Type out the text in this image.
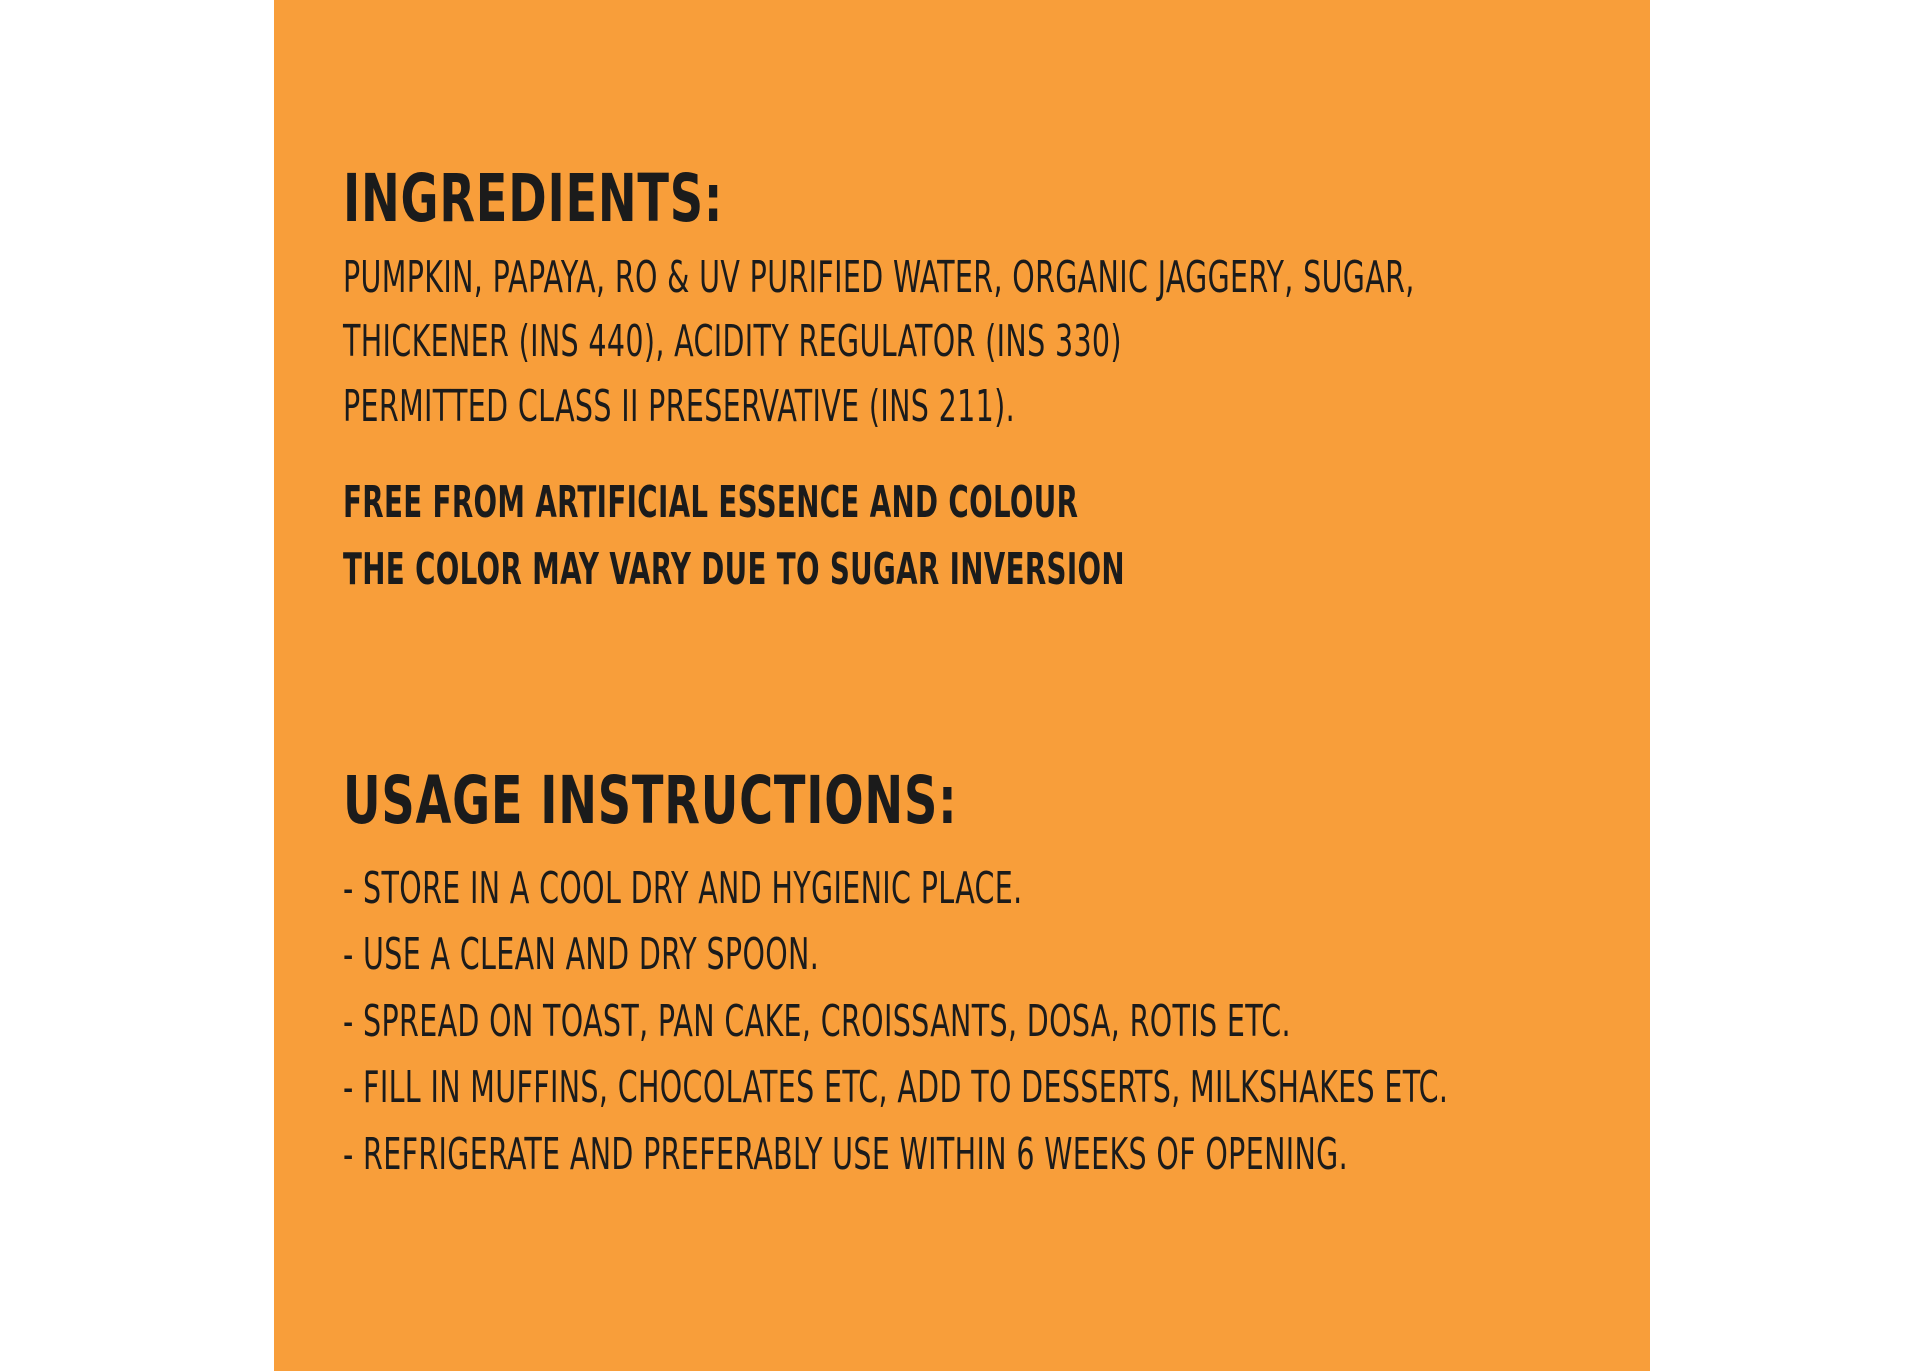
INGREDIENTS:

PUMPKIN, PAPAYA, RO & UV PURIFIED WATER, ORGANIC JAGGERY, SUGAR,

THICKENER (INS 440), ACIDITY REGULATOR (INS 330)

PERMITTED CLASS II PRESERVATIVE (INS 211).

FREE FROM ARTIFICIAL ESSENCE AND COLOUR

THE COLOR MAY VARY DUE TO SUGAR INVERSION

USAGE INSTRUCTIONS:

- STORE IN A COOL DRY AND HYGIENIC PLACE.

- USE A CLEAN AND DRY SPOON.

- SPREAD ON TOAST, PAN CAKE, CROISSANTS, DOSA, ROTIS ETC.

- FILL IN MUFFINS, CHOCOLATES ETC, ADD TO DESSERTS, MILKSHAKES ETC.

- REFRIGERATE AND PREFERABLY USE WITHIN 6 WEEKS OF OPENING.
